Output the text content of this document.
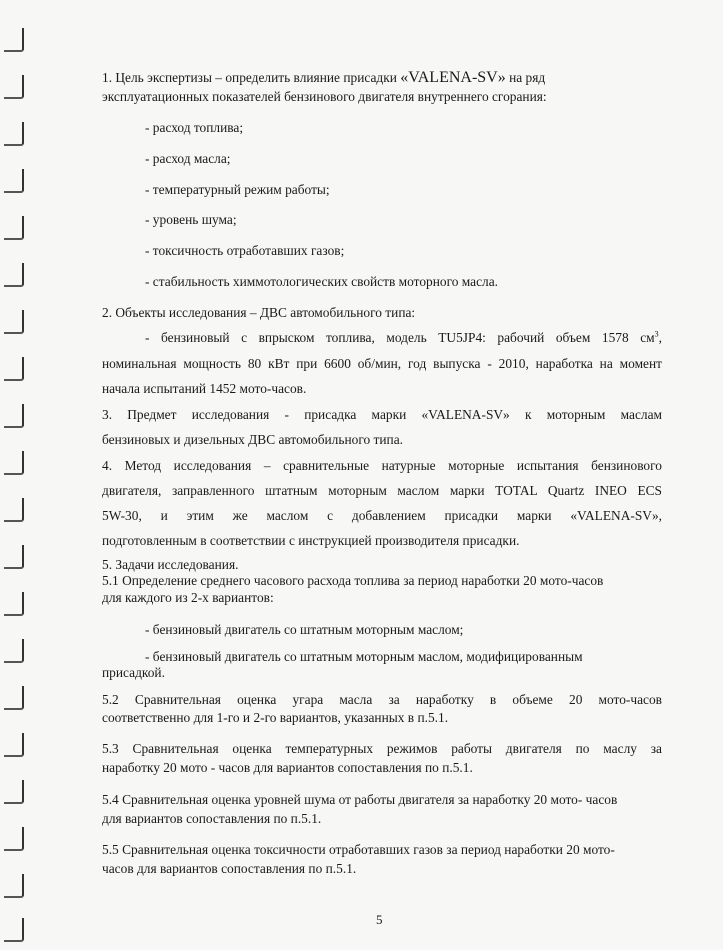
1. Цель экспертизы – определить влияние присадки «VALENA-SV» на ряд
эксплуатационных показателей бензинового двигателя внутреннего сгорания:
- расход топлива;
- расход масла;
- температурный режим работы;
- уровень шума;
- токсичность отработавших газов;
- стабильность химмотологических свойств моторного масла.
2. Объекты исследования – ДВС автомобильного типа:
- бензиновый с впрыском топлива, модель TU5JP4: рабочий объем 1578 $см^3$,
номинальная мощность 80 кВт при 6600 об/мин, год выпуска - 2010, наработка на момент
начала испытаний 1452 мото-часов.
3. Предмет исследования - присадка марки «VALENA-SV» к моторным маслам
бензиновых и дизельных ДВС автомобильного типа.
4. Метод исследования – сравнительные натурные моторные испытания бензинового
двигателя, заправленного штатным моторным маслом марки TOTAL Quartz INEO ECS
5W-30, и этим же маслом с добавлением присадки марки «VALENA-SV»,
подготовленным в соответствии с инструкцией производителя присадки.
5. Задачи исследования.
5.1 Определение среднего часового расхода топлива за период наработки 20 мото-часов
для каждого из 2-х вариантов:
- бензиновый двигатель со штатным моторным маслом;
- бензиновый двигатель со штатным моторным маслом, модифицированным
присадкой.
5.2 Сравнительная оценка угара масла за наработку в объеме 20 мото-часов
соответственно для 1-го и 2-го вариантов, указанных в п.5.1.
5.3 Сравнительная оценка температурных режимов работы двигателя по маслу за
наработку 20 мото - часов для вариантов сопоставления по п.5.1.
5.4 Сравнительная оценка уровней шума от работы двигателя за наработку 20 мото- часов
для вариантов сопоставления по п.5.1.
5.5 Сравнительная оценка токсичности отработавших газов за период наработки 20 мото-
часов для вариантов сопоставления по п.5.1.
5
